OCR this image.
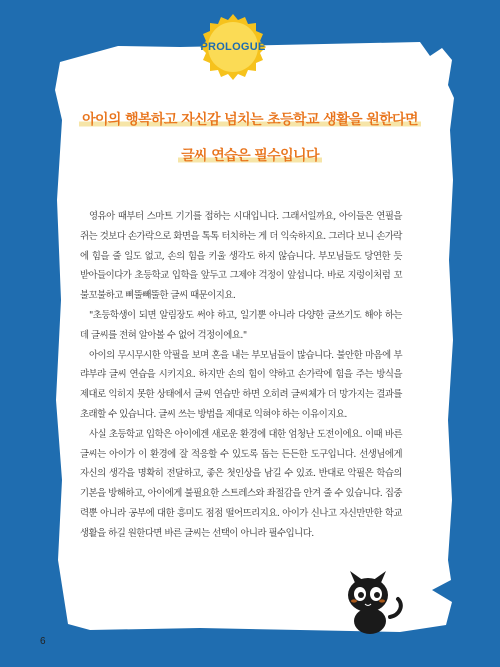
PROLOGUE
아이의 행복하고 자신감 넘치는 초등학교 생활을 원한다면
글씨 연습은 필수입니다

영유아 때부터 스마트 기기를 접하는 시대입니다. 그래서일까요, 아이들은 연필을 쥐는 것보다 손가락으로 화면을 톡톡 터치하는 게 더 익숙하지요. 그러다 보니 손가락에 힘을 줄 일도 없고, 손의 힘을 키울 생각도 하지 않습니다. 부모님들도 당연한 듯 받아들이다가 초등학교 입학을 앞두고 그제야 걱정이 앞섭니다. 바로 지렁이처럼 꼬불꼬불하고 삐뚤빼뚤한 글씨 때문이지요.

"초등학생이 되면 알림장도 써야 하고, 일기뿐 아니라 다양한 글쓰기도 해야 하는데 글씨를 전혀 알아볼 수 없어 걱정이에요."

아이의 무시무시한 악필을 보며 혼을 내는 부모님들이 많습니다. 불안한 마음에 부랴부랴 글씨 연습을 시키지요. 하지만 손의 힘이 약하고 손가락에 힘을 주는 방식을 제대로 익히지 못한 상태에서 글씨 연습만 하면 오히려 글씨체가 더 망가지는 결과를 초래할 수 있습니다. 글씨 쓰는 방법을 제대로 익혀야 하는 이유이지요.

사실 초등학교 입학은 아이에겐 새로운 환경에 대한 엄청난 도전이에요. 이때 바른 글씨는 아이가 이 환경에 잘 적응할 수 있도록 돕는 든든한 도구입니다. 선생님에게 자신의 생각을 명확히 전달하고, 좋은 첫인상을 남길 수 있죠. 반대로 악필은 학습의 기본을 방해하고, 아이에게 불필요한 스트레스와 좌절감을 안겨 줄 수 있습니다. 집중력뿐 아니라 공부에 대한 흥미도 점점 떨어뜨리지요. 아이가 신나고 자신만만한 학교생활을 하길 원한다면 바른 글씨는 선택이 아니라 필수입니다.

6
